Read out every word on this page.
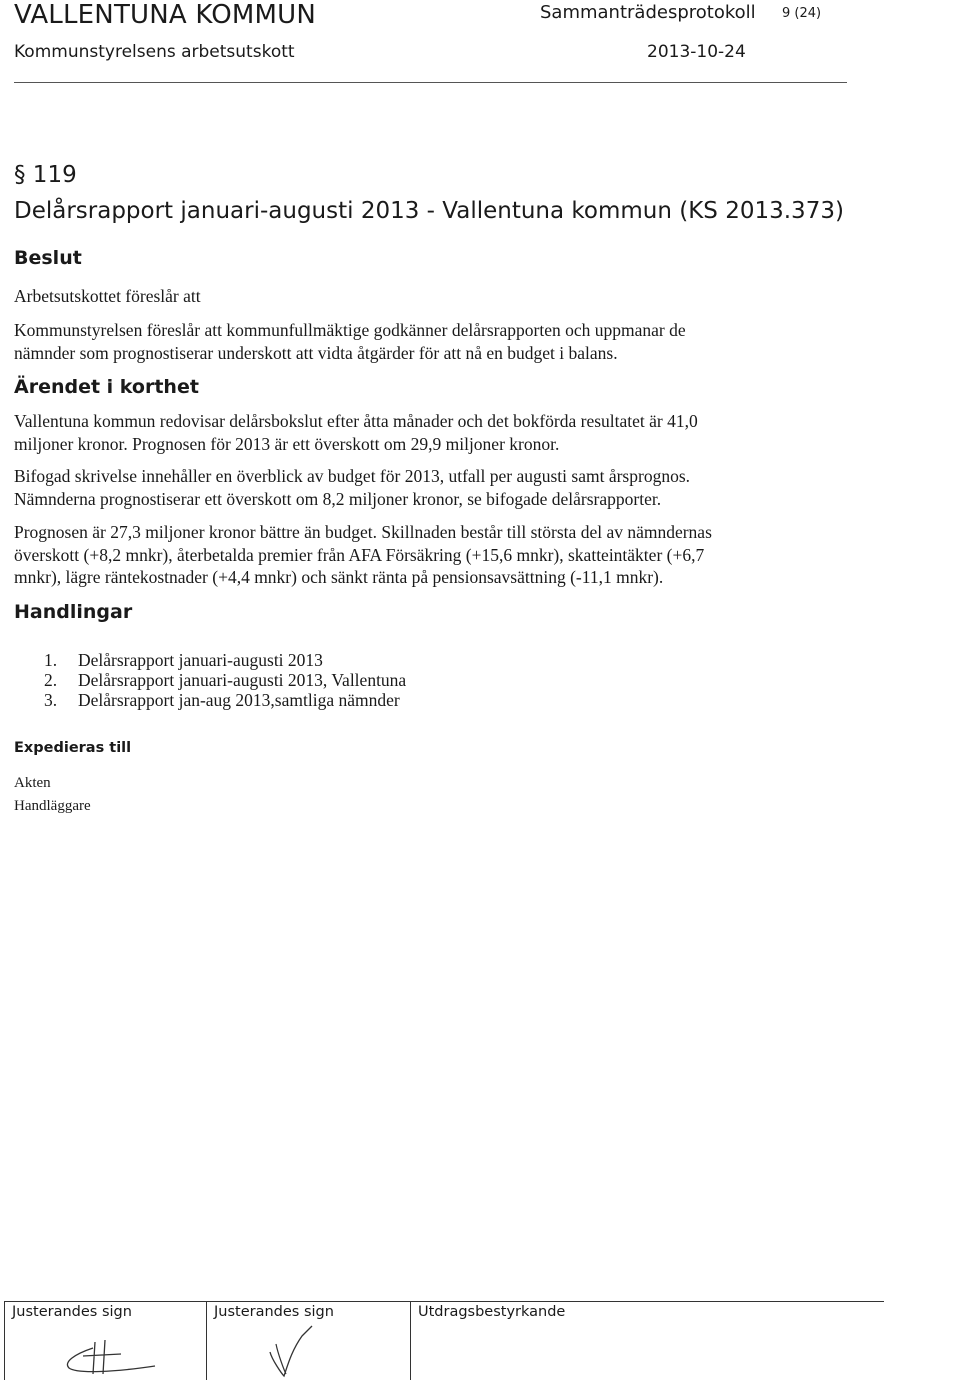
VALLENTUNA KOMMUN	Sammanträdesprotokoll 9 (24)
Kommunstyrelsens arbetsutskott	2013-10-24
§ 119
Delårsrapport januari-augusti 2013 - Vallentuna kommun (KS 2013.373)
Beslut
Arbetsutskottet föreslår att
Kommunstyrelsen föreslår att kommunfullmäktige godkänner delårsrapporten och uppmanar de
nämnder som prognostiserar underskott att vidta åtgärder för att nå en budget i balans.
Ärendet i korthet
Vallentuna kommun redovisar delårsbokslut efter åtta månader och det bokförda resultatet är 41,0
miljoner kronor. Prognosen för 2013 är ett överskott om 29,9 miljoner kronor.
Bifogad skrivelse innehåller en överblick av budget för 2013, utfall per augusti samt årsprognos.
Nämnderna prognostiserar ett överskott om 8,2 miljoner kronor, se bifogade delårsrapporter.
Prognosen är 27,3 miljoner kronor bättre än budget. Skillnaden består till största del av nämndernas
överskott (+8,2 mnkr), återbetalda premier från AFA Försäkring (+15,6 mnkr), skatteintäkter (+6,7
mnkr), lägre räntekostnader (+4,4 mnkr) och sänkt ränta på pensionsavsättning (-11,1 mnkr).
Handlingar
1.	Delårsrapport januari-augusti 2013
2.	Delårsrapport januari-augusti 2013, Vallentuna
3.	Delårsrapport jan-aug 2013,samtliga nämnder
Expedieras till
Akten
Handläggare
Justerandes sign	Justerandes sign	Utdragsbestyrkande
